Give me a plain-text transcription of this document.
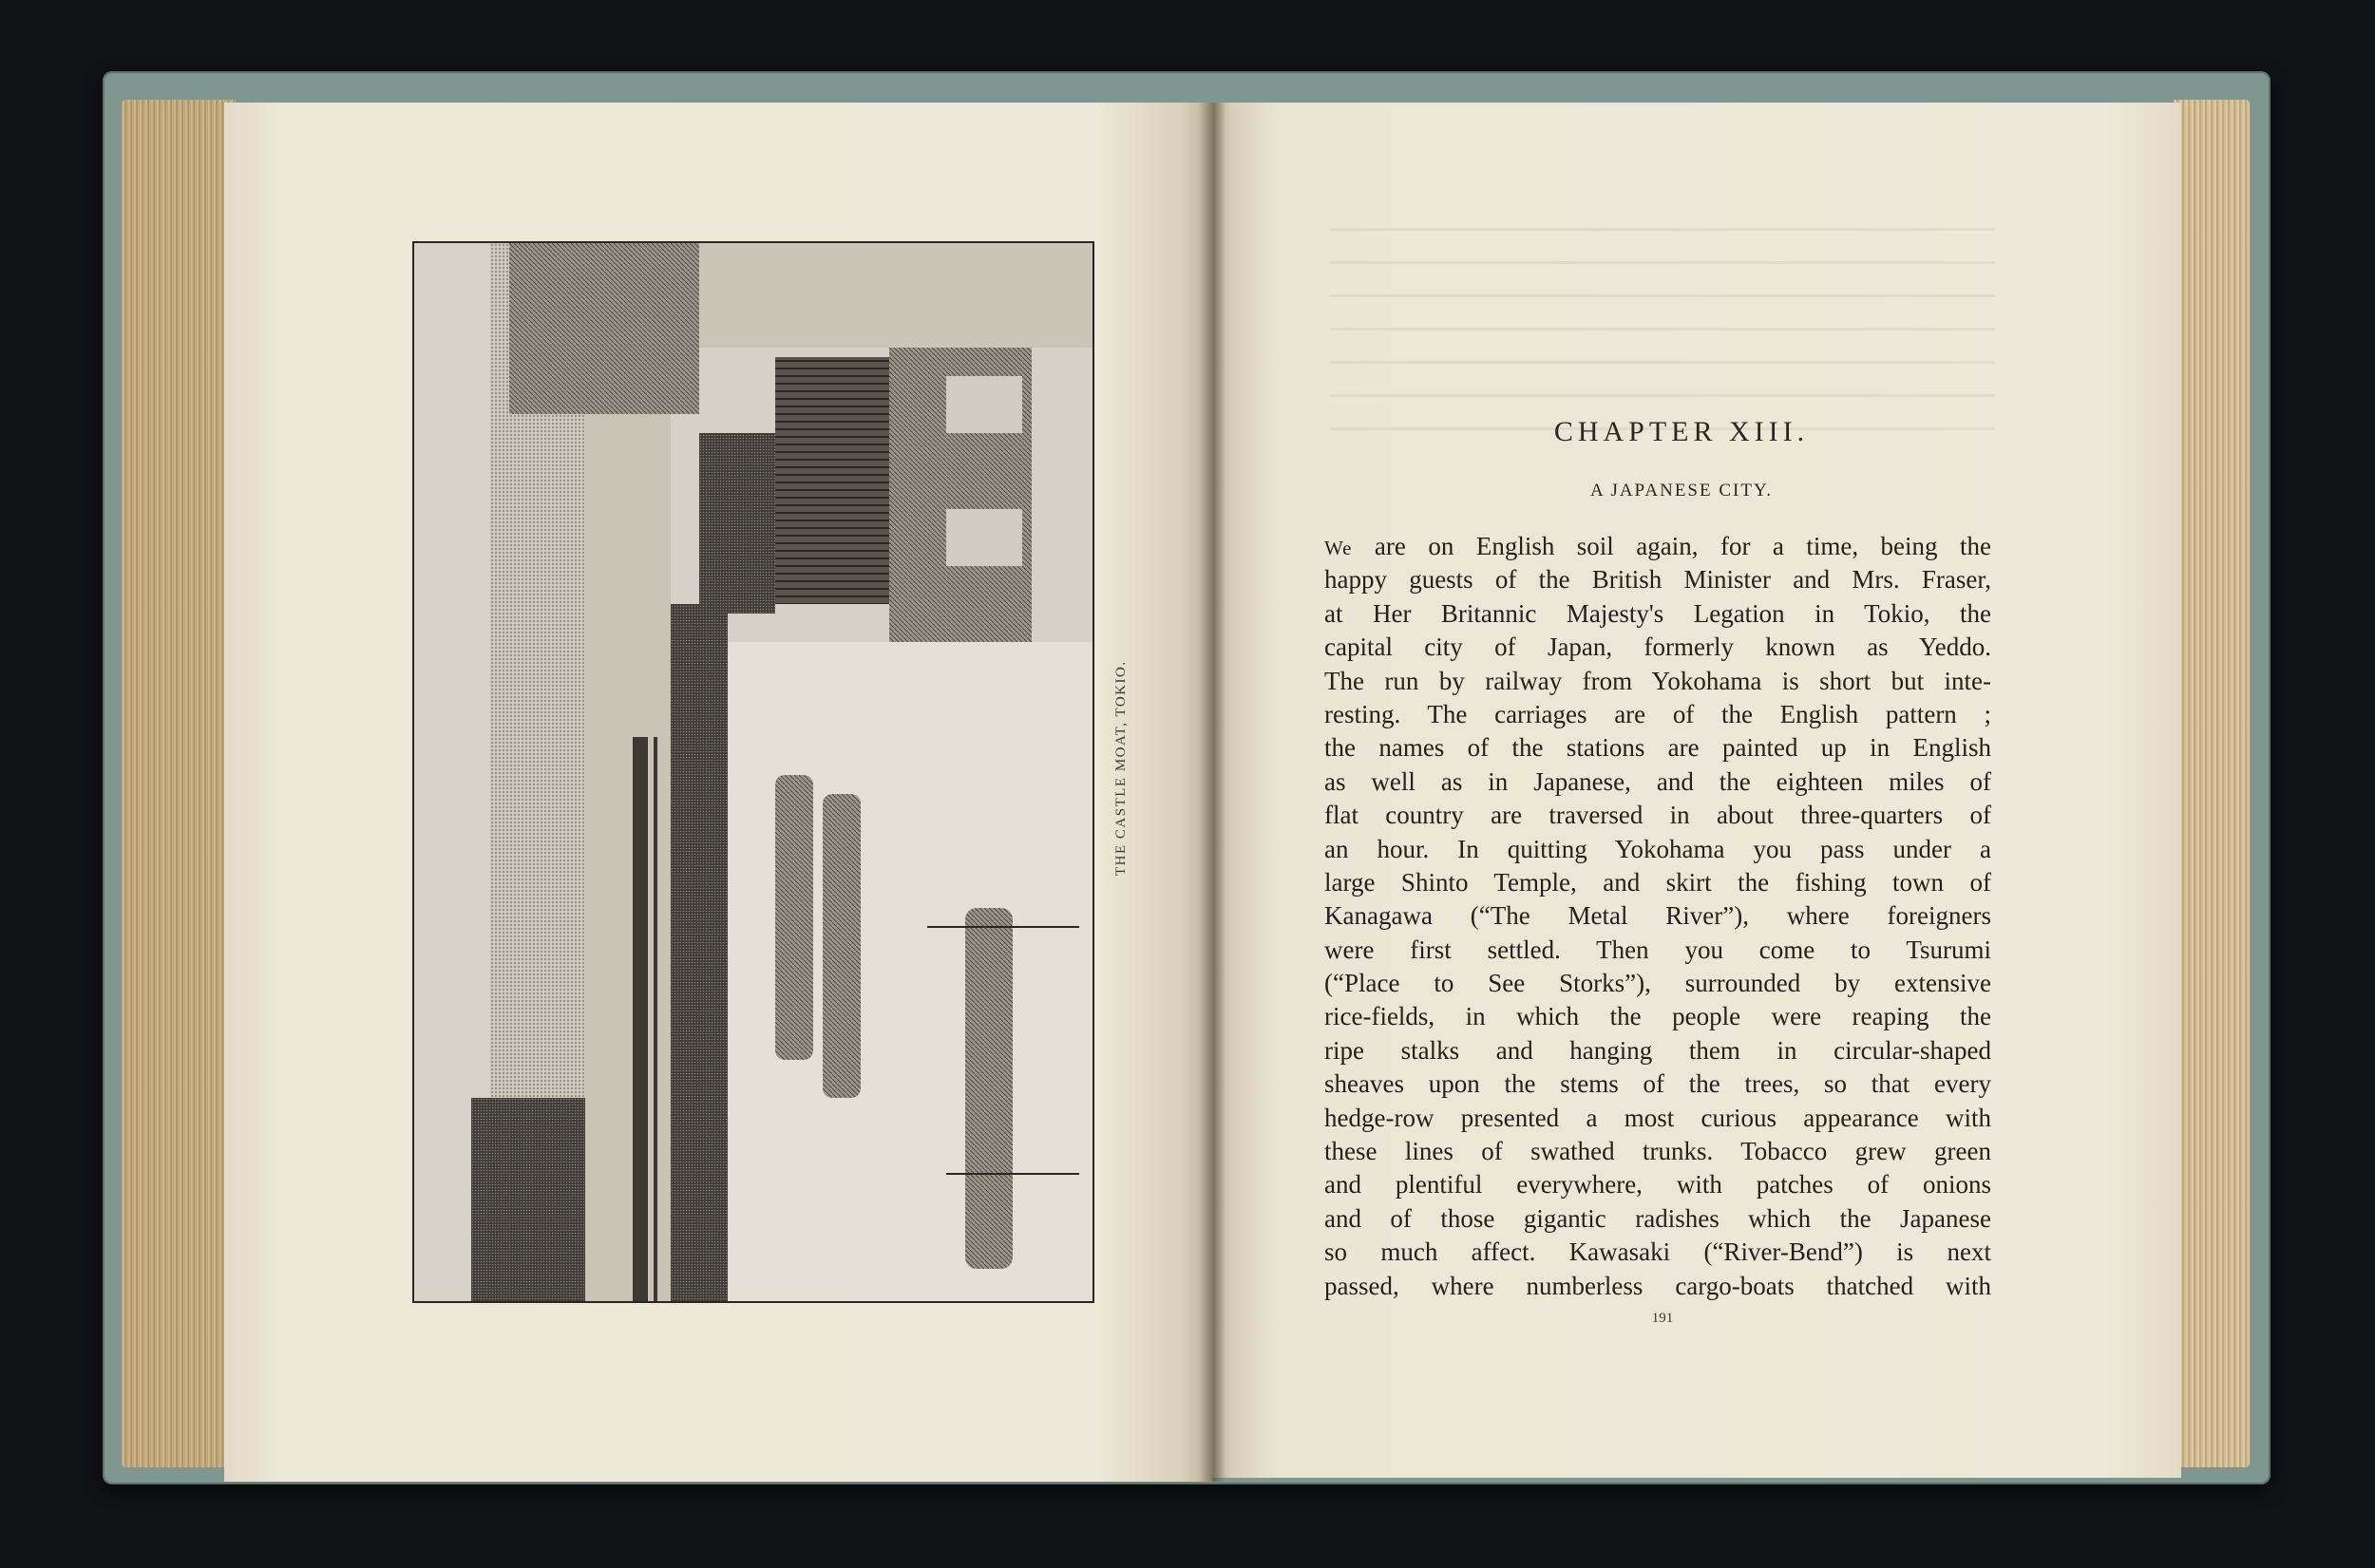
THE CASTLE MOAT, TOKIO.
CHAPTER XIII.
A JAPANESE CITY.
We are on English soil again, for a time, being the
happy guests of the British Minister and Mrs. Fraser,
at Her Britannic Majesty's Legation in Tokio, the
capital city of Japan, formerly known as Yeddo.
The run by railway from Yokohama is short but inte-
resting. The carriages are of the English pattern ;
the names of the stations are painted up in English
as well as in Japanese, and the eighteen miles of
flat country are traversed in about three-quarters of
an hour. In quitting Yokohama you pass under a
large Shinto Temple, and skirt the fishing town of
Kanagawa (“The Metal River”), where foreigners
were first settled. Then you come to Tsurumi
(“Place to See Storks”), surrounded by extensive
rice-fields, in which the people were reaping the
ripe stalks and hanging them in circular-shaped
sheaves upon the stems of the trees, so that every
hedge-row presented a most curious appearance with
these lines of swathed trunks. Tobacco grew green
and plentiful everywhere, with patches of onions
and of those gigantic radishes which the Japanese
so much affect. Kawasaki (“River-Bend”) is next
passed, where numberless cargo-boats thatched with
191
